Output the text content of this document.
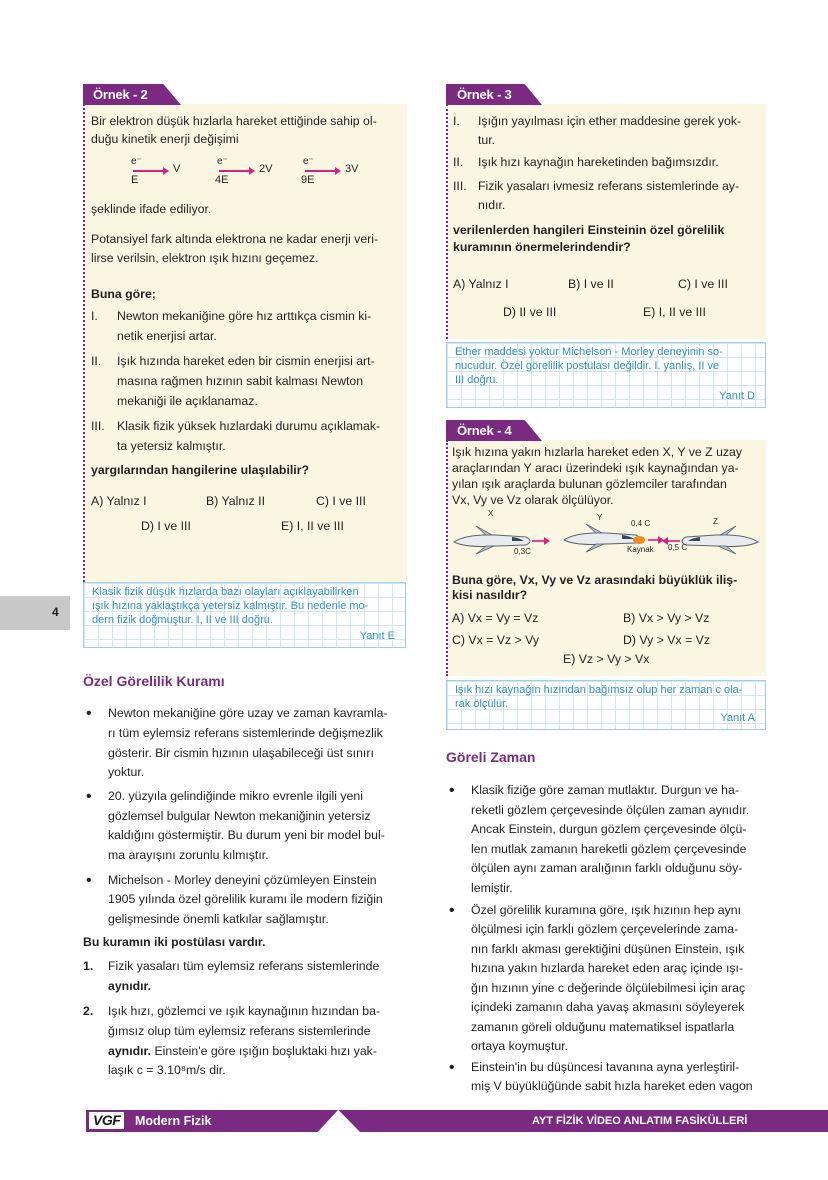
4
Örnek - 2
Bir elektron düşük hızlarla hareket ettiğinde sahip ol-
duğu kinetik enerji değişimi
e⁻
E
V
e⁻
4E
2V
e⁻
9E
3V
şeklinde ifade ediliyor.
Potansiyel fark altında elektrona ne kadar enerji veri-
lirse verilsin, elektron ışık hızını geçemez.
Buna göre;
I. Newton mekaniğine göre hız arttıkça cismin ki-
netik enerjisi artar.
II. Işık hızında hareket eden bir cismin enerjisi art-
masına rağmen hızının sabit kalması Newton
mekaniği ile açıklanamaz.
III. Klasik fizik yüksek hızlardaki durumu açıklamak-
ta yetersiz kalmıştır.
yargılarından hangilerine ulaşılabilir?
A) Yalnız I	B) Yalnız II	C) I ve III
D) I ve III	E) I, II ve III
Klasik fizik düşük hızlarda bazı olayları açıklayabilirken
ışık hızına yaklaştıkça yetersiz kalmıştır. Bu nedenle mo-
dern fizik doğmuştur. I, II ve III doğru.
Yanıt E
Özel Görelilik Kuramı
• Newton mekaniğine göre uzay ve zaman kavramla-
rı tüm eylemsiz referans sistemlerinde değişmezlik
gösterir. Bir cismin hızının ulaşabileceği üst sınırı
yoktur.
• 20. yüzyıla gelindiğinde mikro evrenle ilgili yeni
gözlemsel bulgular Newton mekaniğinin yetersiz
kaldığını göstermiştir. Bu durum yeni bir model bul-
ma arayışını zorunlu kılmıştır.
• Michelson - Morley deneyini çözümleyen Einstein
1905 yılında özel görelilik kuramı ile modern fiziğin
gelişmesinde önemli katkılar sağlamıştır.
Bu kuramın iki postülası vardır.
1. Fizik yasaları tüm eylemsiz referans sistemlerinde
aynıdır.
2. Işık hızı, gözlemci ve ışık kaynağının hızından ba-
ğımsız olup tüm eylemsiz referans sistemlerinde
aynıdır. Einstein'e göre ışığın boşluktaki hızı yak-
laşık c = 3.10⁸m/s dir.
Örnek - 3
I. Işığın yayılması için ether maddesine gerek yok-
tur.
II. Işık hızı kaynağın hareketinden bağımsızdır.
III. Fizik yasaları ivmesiz referans sistemlerinde ay-
nıdır.
verilenlerden hangileri Einsteinin özel görelilik
kuramının önermelerindendir?
A) Yalnız I	B) I ve II	C) I ve III
D) II ve III	E) I, II ve III
Ether maddesi yoktur Michelson - Morley deneyinin so-
nucudur. Özel görelilik postülası değildir. I. yanlış, II ve
III doğru.
Yanıt D
Örnek - 4
Işık hızına yakın hızlarla hareket eden X, Y ve Z uzay
araçlarından Y aracı üzerindeki ışık kaynağından ya-
yılan ışık araçlarda bulunan gözlemciler tarafından
Vx, Vy ve Vz olarak ölçülüyor.
X	Y	Z
0,3C
0,4 C
Kaynak 0,5 C
Buna göre, Vx, Vy ve Vz arasındaki büyüklük iliş-
kisi nasıldır?
A) Vx = Vy = Vz	B) Vx > Vy > Vz
C) Vx = Vz > Vy	D) Vy > Vx = Vz
E) Vz > Vy > Vx
Işık hızı kaynağın hızından bağımsız olup her zaman c ola-
rak ölçülür.
Yanıt A
Göreli Zaman
• Klasik fiziğe göre zaman mutlaktır. Durgun ve ha-
reketli gözlem çerçevesinde ölçülen zaman aynıdır.
Ancak Einstein, durgun gözlem çerçevesinde ölçü-
len mutlak zamanın hareketli gözlem çerçevesinde
ölçülen aynı zaman aralığının farklı olduğunu söy-
lemiştir.
• Özel görelilik kuramına göre, ışık hızının hep aynı
ölçülmesi için farklı gözlem çerçevelerinde zama-
nın farklı akması gerektiğini düşünen Einstein, ışık
hızına yakın hızlarda hareket eden araç içinde ışı-
ğın hızının yine c değerinde ölçülebilmesi için araç
içindeki zamanın daha yavaş akmasını söyleyerek
zamanın göreli olduğunu matematiksel ispatlarla
ortaya koymuştur.
• Einstein'in bu düşüncesi tavanına ayna yerleştiril-
miş V büyüklüğünde sabit hızla hareket eden vagon
VGF	Modern Fizik	AYT FİZİK VİDEO ANLATIM FASİKÜLLERİ
